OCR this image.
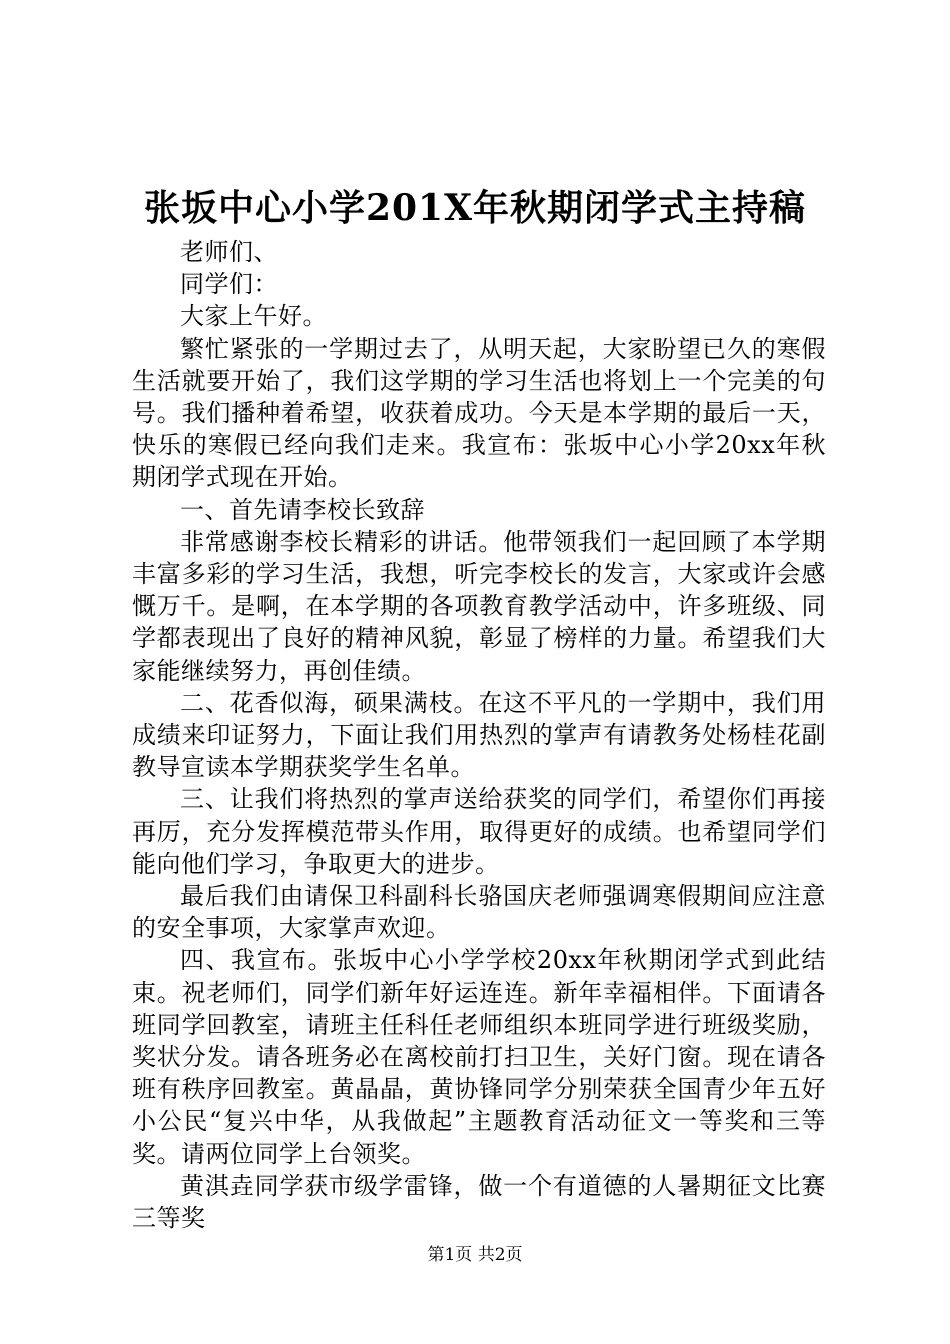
张坂中心小学201X年秋期闭学式主持稿

老师们、

同学们：

大家上午好。

繁忙紧张的一学期过去了，从明天起，大家盼望已久的寒假生活就要开始了，我们这学期的学习生活也将划上一个完美的句号。我们播种着希望，收获着成功。今天是本学期的最后一天，快乐的寒假已经向我们走来。我宣布：张坂中心小学20xx年秋期闭学式现在开始。

一、首先请李校长致辞

非常感谢李校长精彩的讲话。他带领我们一起回顾了本学期丰富多彩的学习生活，我想，听完李校长的发言，大家或许会感慨万千。是啊，在本学期的各项教育教学活动中，许多班级、同学都表现出了良好的精神风貌，彰显了榜样的力量。希望我们大家能继续努力，再创佳绩。

二、花香似海，硕果满枝。在这不平凡的一学期中，我们用成绩来印证努力，下面让我们用热烈的掌声有请教务处杨桂花副教导宣读本学期获奖学生名单。

三、让我们将热烈的掌声送给获奖的同学们，希望你们再接再厉，充分发挥模范带头作用，取得更好的成绩。也希望同学们能向他们学习，争取更大的进步。

最后我们由请保卫科副科长骆国庆老师强调寒假期间应注意的安全事项，大家掌声欢迎。

四、我宣布。张坂中心小学学校20xx年秋期闭学式到此结束。祝老师们，同学们新年好运连连。新年幸福相伴。下面请各班同学回教室，请班主任科任老师组织本班同学进行班级奖励，奖状分发。请各班务必在离校前打扫卫生，关好门窗。现在请各班有秩序回教室。黄晶晶，黄协锋同学分别荣获全国青少年五好小公民“复兴中华，从我做起”主题教育活动征文一等奖和三等奖。请两位同学上台领奖。

黄淇垚同学获市级学雷锋，做一个有道德的人暑期征文比赛三等奖

第1页 共2页
